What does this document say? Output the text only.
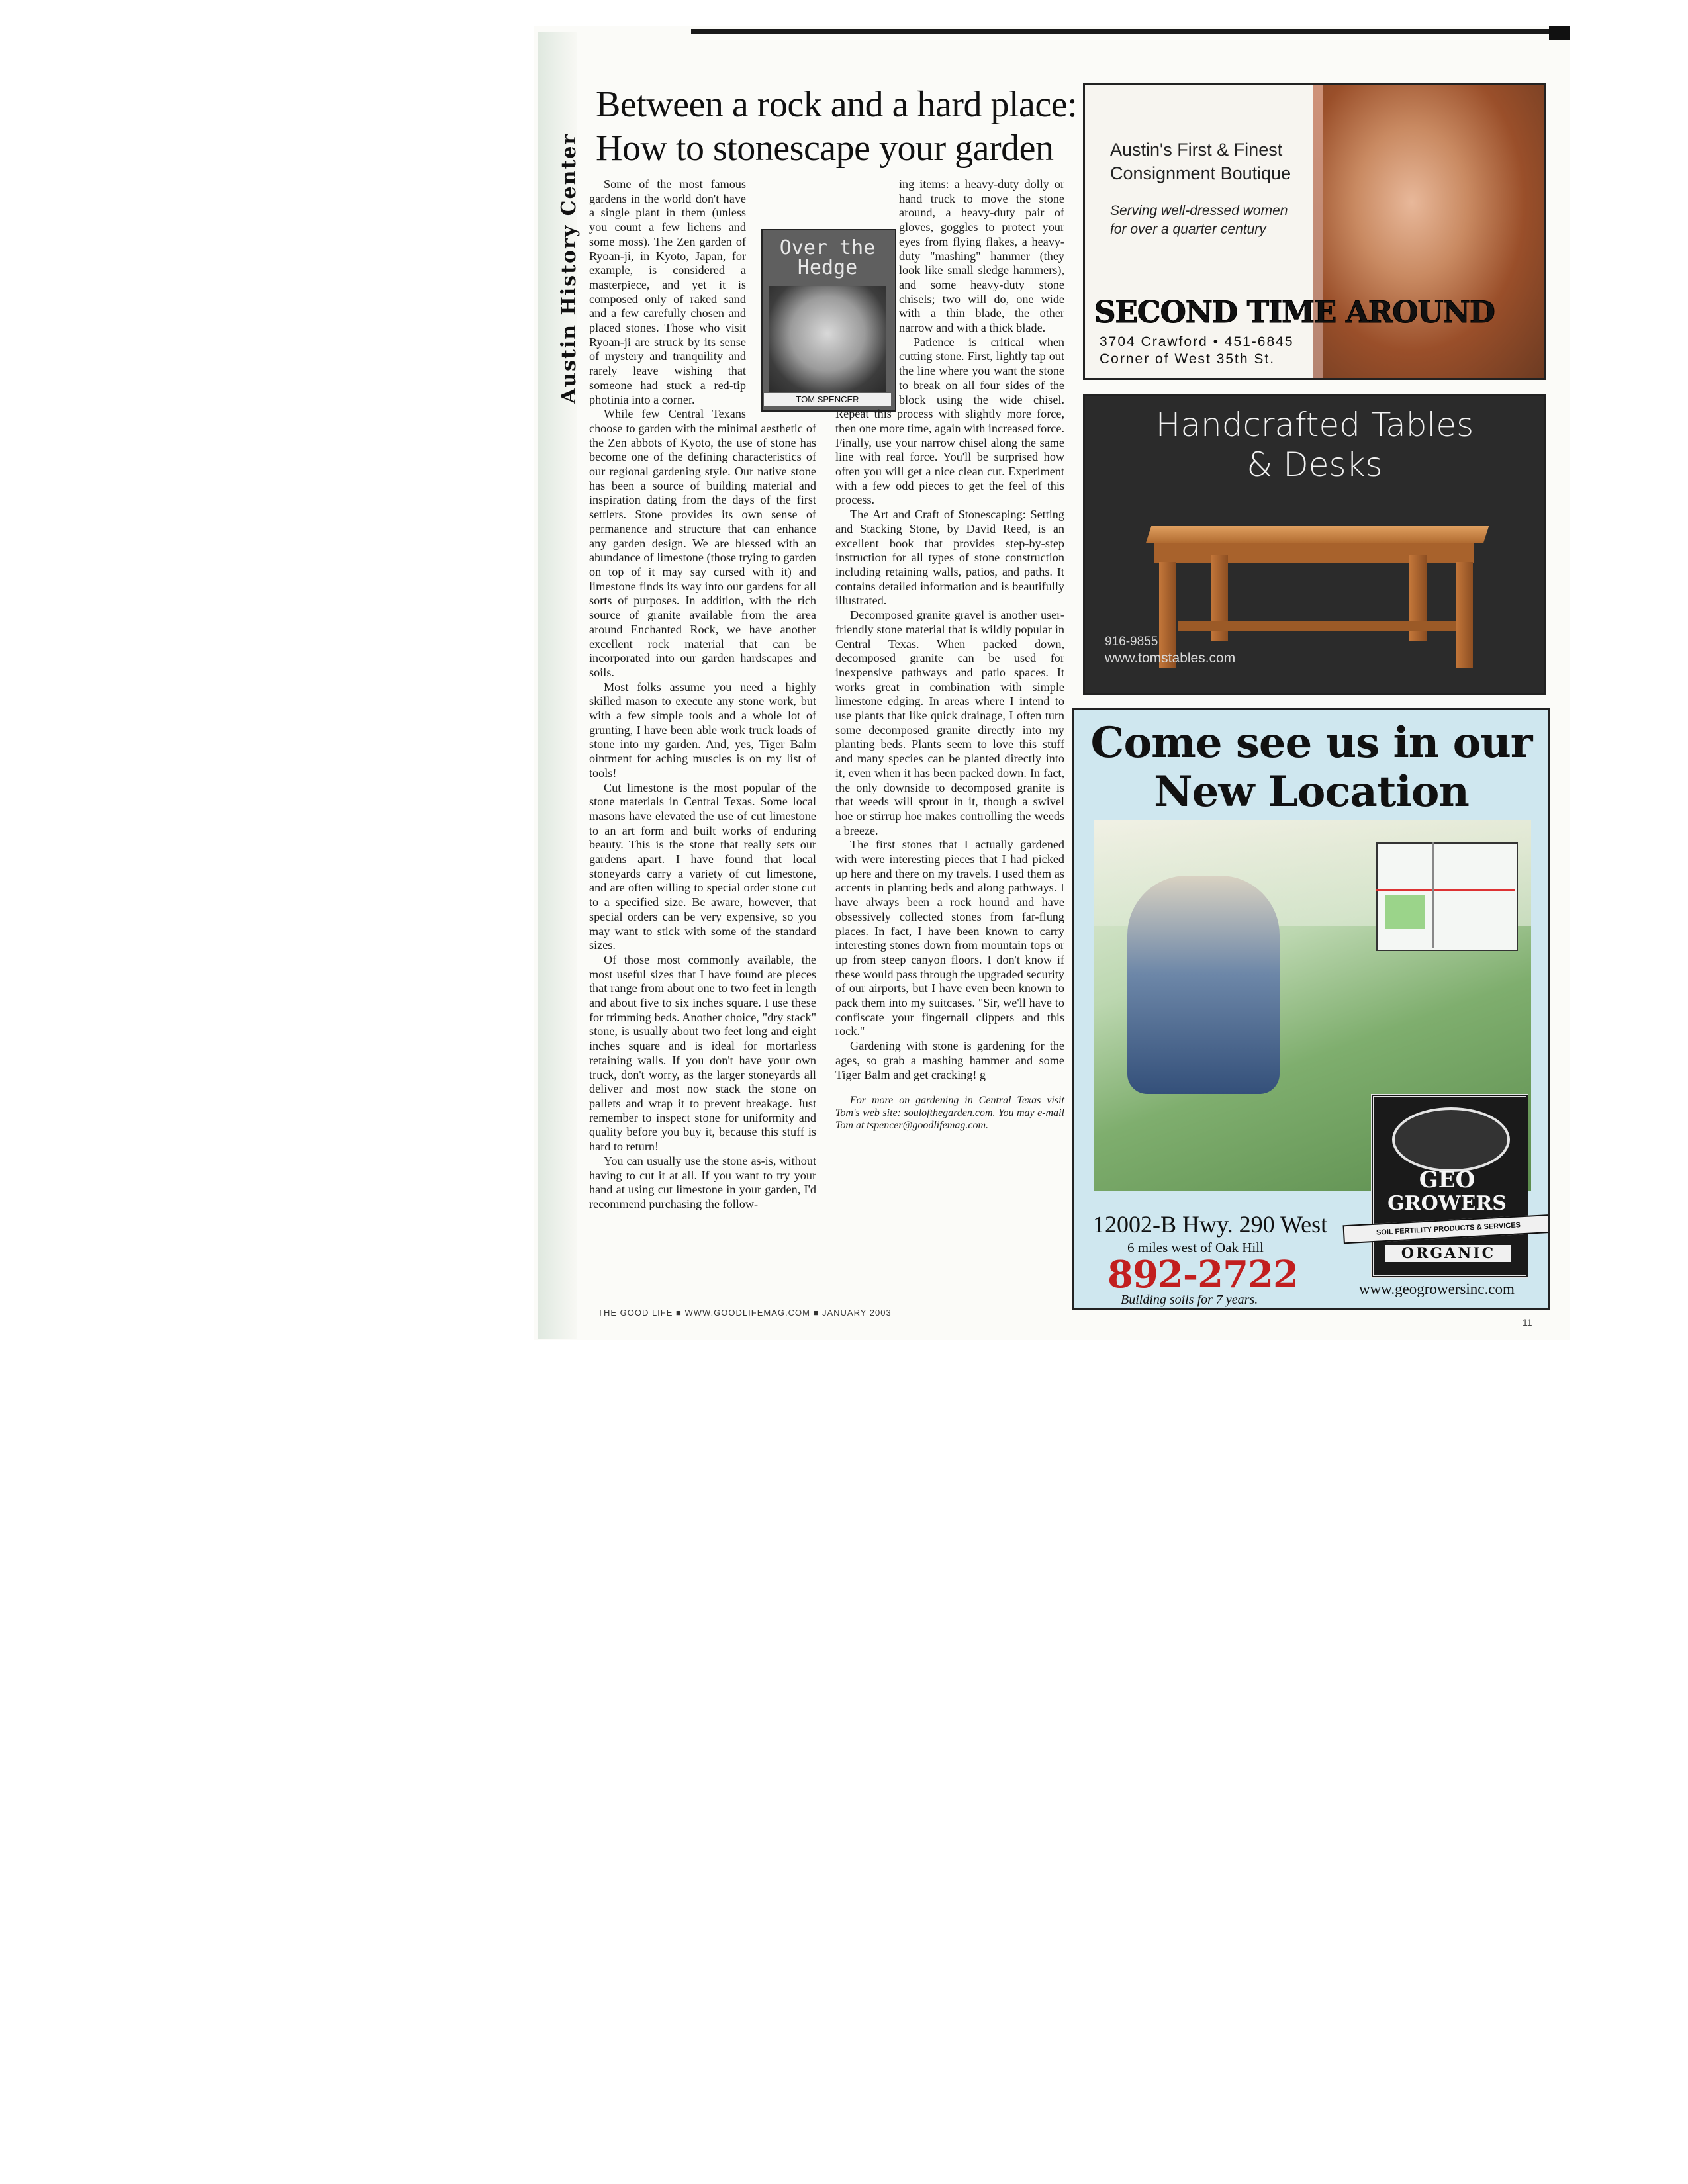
Austin History Center
Between a rock and a hard place:
How to stonescape your garden
Over the Hedge
TOM SPENCER

Some of the most famous gardens in the world don't have a single plant in them (unless you count a few lichens and some moss). The Zen garden of Ryoan-ji, in Kyoto, Japan, for example, is considered a masterpiece, and yet it is composed only of raked sand and a few carefully chosen and placed stones. Those who visit Ryoan-ji are struck by its sense of mystery and tranquility and rarely leave wishing that someone had stuck a red-tip photinia into a corner.

While few Central Texans choose to garden with the minimal aesthetic of the Zen abbots of Kyoto, the use of stone has become one of the defining characteristics of our regional gardening style. Our native stone has been a source of building material and inspiration dating from the days of the first settlers. Stone provides its own sense of permanence and structure that can enhance any garden design. We are blessed with an abundance of limestone (those trying to garden on top of it may say cursed with it) and limestone finds its way into our gardens for all sorts of purposes. In addition, with the rich source of granite available from the area around Enchanted Rock, we have another excellent rock material that can be incorporated into our garden hardscapes and soils.

Most folks assume you need a highly skilled mason to execute any stone work, but with a few simple tools and a whole lot of grunting, I have been able work truck loads of stone into my garden. And, yes, Tiger Balm ointment for aching muscles is on my list of tools!

Cut limestone is the most popular of the stone materials in Central Texas. Some local masons have elevated the use of cut limestone to an art form and built works of enduring beauty. This is the stone that really sets our gardens apart. I have found that local stoneyards carry a variety of cut limestone, and are often willing to special order stone cut to a specified size. Be aware, however, that special orders can be very expensive, so you may want to stick with some of the standard sizes.

Of those most commonly available, the most useful sizes that I have found are pieces that range from about one to two feet in length and about five to six inches square. I use these for trimming beds. Another choice, "dry stack" stone, is usually about two feet long and eight inches square and is ideal for mortarless retaining walls. If you don't have your own truck, don't worry, as the larger stoneyards all deliver and most now stack the stone on pallets and wrap it to prevent breakage. Just remember to inspect stone for uniformity and quality before you buy it, because this stuff is hard to return!

You can usually use the stone as-is, without having to cut it at all. If you want to try your hand at using cut limestone in your garden, I'd recommend purchasing the follow-

ing items: a heavy-duty dolly or hand truck to move the stone around, a heavy-duty pair of gloves, goggles to protect your eyes from flying flakes, a heavy-duty "mashing" hammer (they look like small sledge hammers), and some heavy-duty stone chisels; two will do, one wide with a thin blade, the other narrow and with a thick blade.

Patience is critical when cutting stone. First, lightly tap out the line where you want the stone to break on all four sides of the block using the wide chisel. Repeat this process with slightly more force, then one more time, again with increased force. Finally, use your narrow chisel along the same line with real force. You'll be surprised how often you will get a nice clean cut. Experiment with a few odd pieces to get the feel of this process.

The Art and Craft of Stonescaping: Setting and Stacking Stone, by David Reed, is an excellent book that provides step-by-step instruction for all types of stone construction including retaining walls, patios, and paths. It contains detailed information and is beautifully illustrated.

Decomposed granite gravel is another user-friendly stone material that is wildly popular in Central Texas. When packed down, decomposed granite can be used for inexpensive pathways and patio spaces. It works great in combination with simple limestone edging. In areas where I intend to use plants that like quick drainage, I often turn some decomposed granite directly into my planting beds. Plants seem to love this stuff and many species can be planted directly into it, even when it has been packed down. In fact, the only downside to decomposed granite is that weeds will sprout in it, though a swivel hoe or stirrup hoe makes controlling the weeds a breeze.

The first stones that I actually gardened with were interesting pieces that I had picked up here and there on my travels. I used them as accents in planting beds and along pathways. I have always been a rock hound and have obsessively collected stones from far-flung places. In fact, I have been known to carry interesting stones down from mountain tops or up from steep canyon floors. I don't know if these would pass through the upgraded security of our airports, but I have even been known to pack them into my suitcases. "Sir, we'll have to confiscate your fingernail clippers and this rock."

Gardening with stone is gardening for the ages, so grab a mashing hammer and some Tiger Balm and get cracking! g

For more on gardening in Central Texas visit Tom's web site: soulofthegarden.com. You may e-mail Tom at tspencer@goodlifemag.com.

THE GOOD LIFE ■ WWW.GOODLIFEMAG.COM ■ JANUARY 2003
11
Austin's First & Finest
Consignment Boutique
Serving well-dressed women
for over a quarter century
SECOND TIME AROUND
3704 Crawford • 451-6845
Corner of West 35th St.
Handcrafted Tables
& Desks
916-9855
www.tomstables.com
Come see us in our
New Location
GEO
GROWERS
SOIL FERTILITY PRODUCTS & SERVICES
ORGANIC
12002-B Hwy. 290 West
6 miles west of Oak Hill
892-2722
Building soils for 7 years.
www.geogrowersinc.com
